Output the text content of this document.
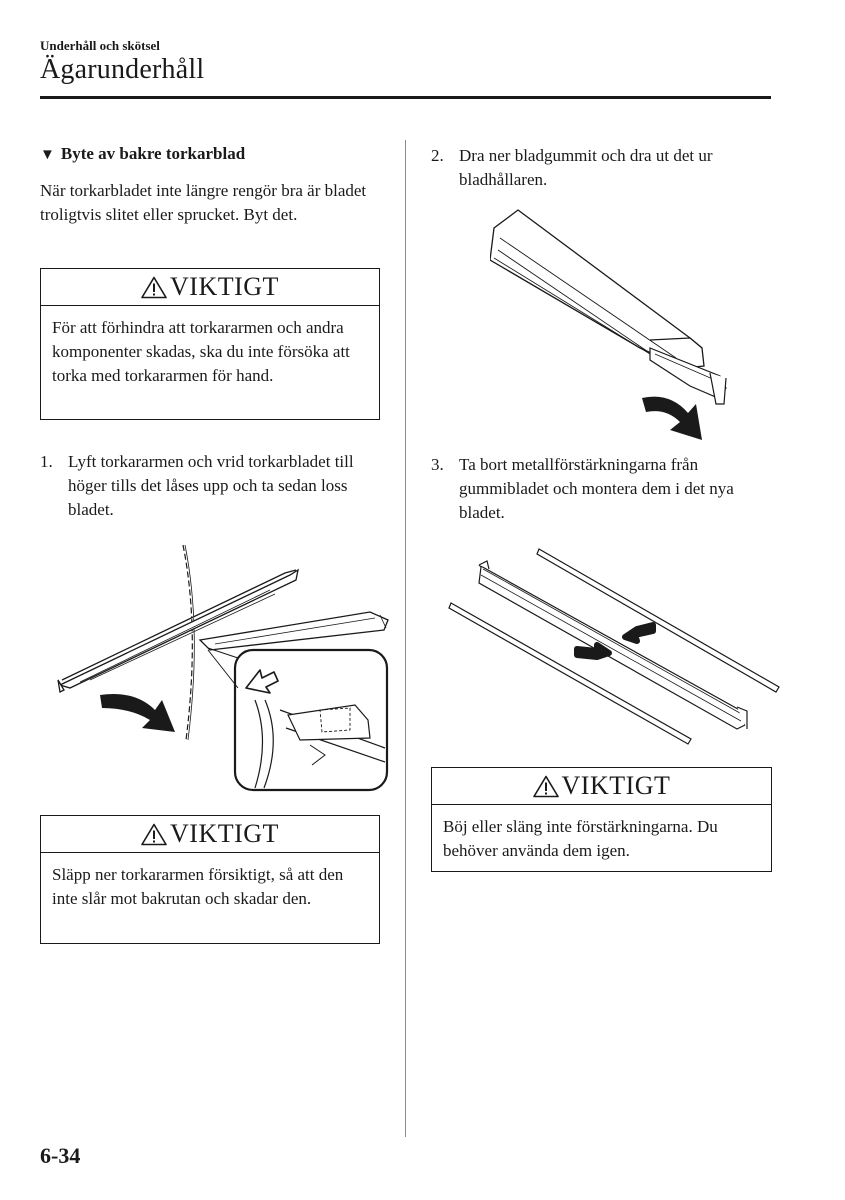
Underhåll och skötsel
Ägarunderhåll
▼ Byte av bakre torkarblad
När torkarbladet inte längre rengör bra är bladet troligtvis slitet eller sprucket. Byt det.
VIKTIGT
För att förhindra att torkararmen och andra komponenter skadas, ska du inte försöka att torka med torkararmen för hand.
1. Lyft torkararmen och vrid torkarbladet till höger tills det låses upp och ta sedan loss bladet.
VIKTIGT
Släpp ner torkararmen försiktigt, så att den inte slår mot bakrutan och skadar den.
2. Dra ner bladgummit och dra ut det ur bladhållaren.
3. Ta bort metallförstärkningarna från gummibladet och montera dem i det nya bladet.
VIKTIGT
Böj eller släng inte förstärkningarna. Du behöver använda dem igen.
6-34
